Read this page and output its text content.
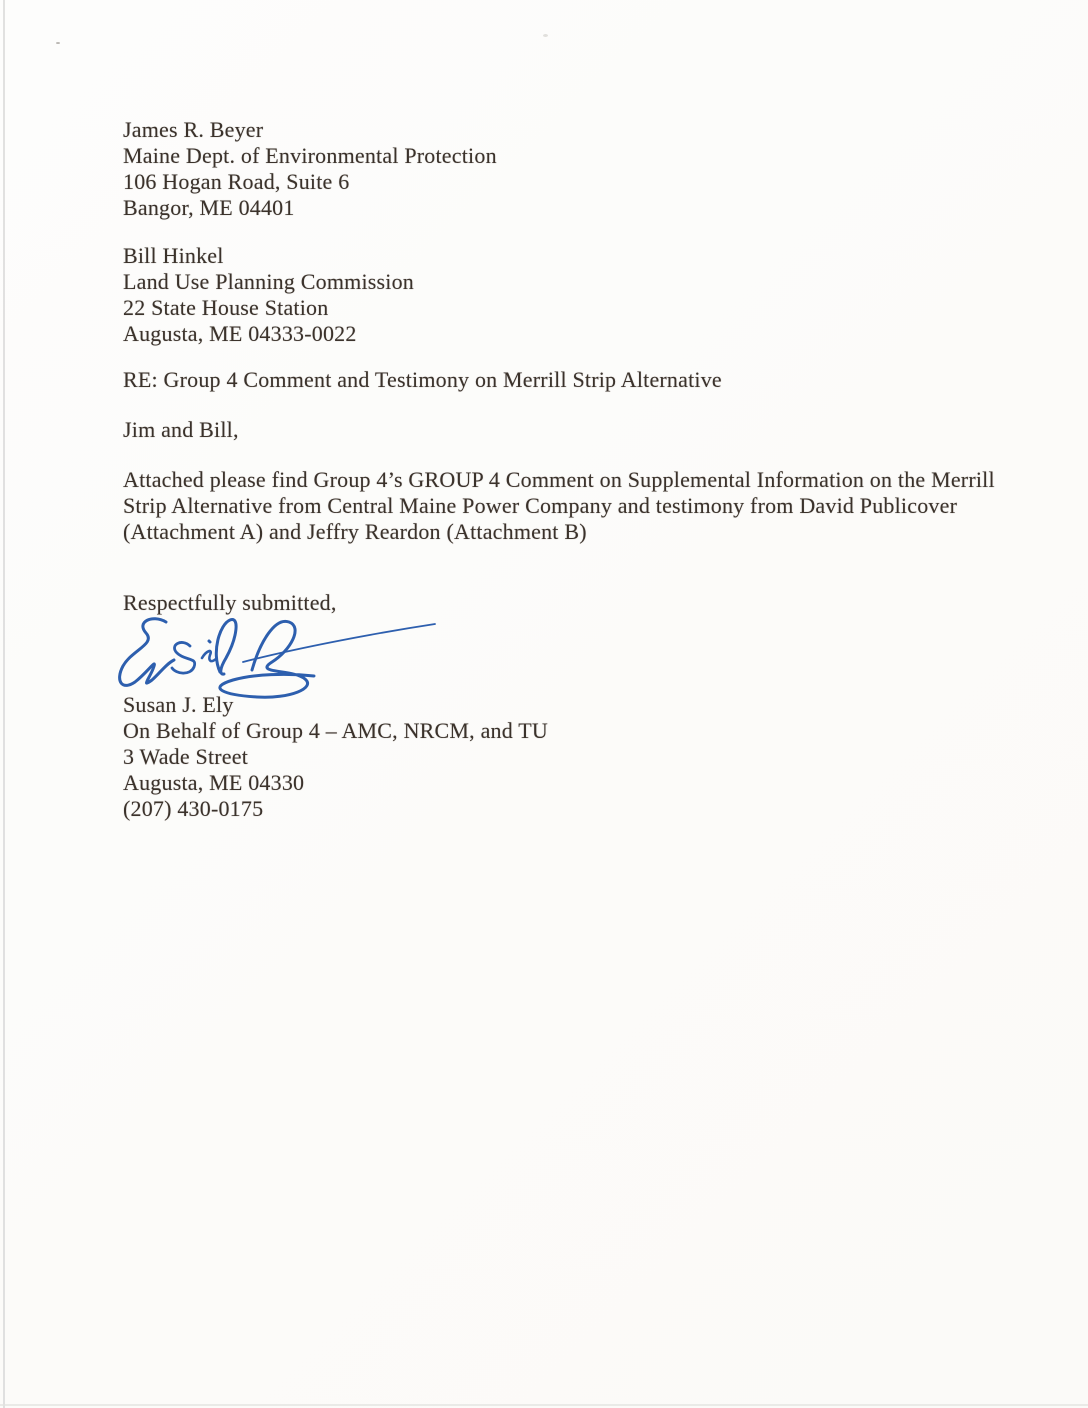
James R. Beyer
Maine Dept. of Environmental Protection
106 Hogan Road, Suite 6
Bangor, ME 04401
Bill Hinkel
Land Use Planning Commission
22 State House Station
Augusta, ME 04333-0022
RE: Group 4 Comment and Testimony on Merrill Strip Alternative
Jim and Bill,
Attached please find Group 4’s GROUP 4 Comment on Supplemental Information on the Merrill
Strip Alternative from Central Maine Power Company and testimony from David Publicover
(Attachment A) and Jeffry Reardon (Attachment B)
Respectfully submitted,
Susan J. Ely
On Behalf of Group 4 – AMC, NRCM, and TU
3 Wade Street
Augusta, ME 04330
(207) 430-0175
